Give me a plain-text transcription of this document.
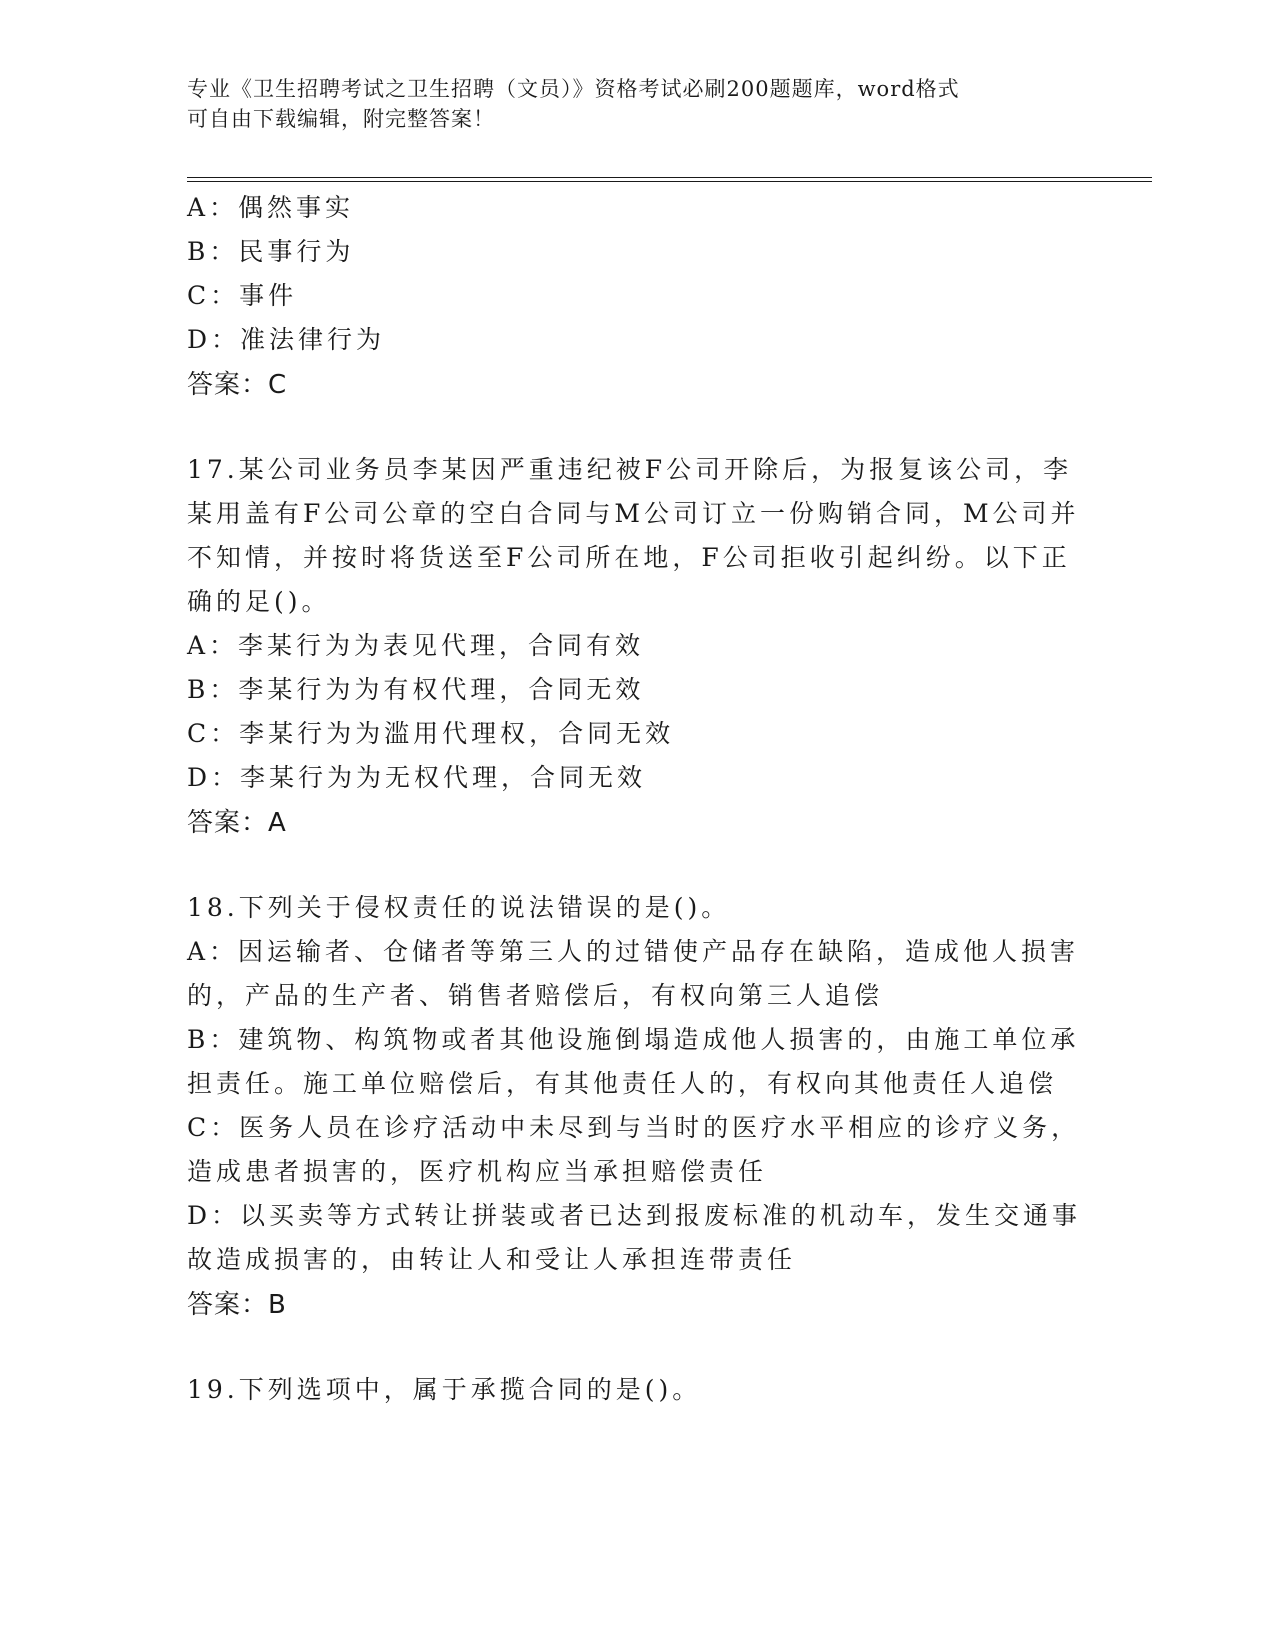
专业《卫生招聘考试之卫生招聘（文员）》资格考试必刷200题题库，word格式
可自由下载编辑，附完整答案！
A：偶然事实
B：民事行为
C：事件
D：准法律行为
答案：C
17.某公司业务员李某因严重违纪被F公司开除后，为报复该公司，李
某用盖有F公司公章的空白合同与M公司订立一份购销合同，M公司并
不知情，并按时将货送至F公司所在地，F公司拒收引起纠纷。以下正
确的足()。
A：李某行为为表见代理，合同有效
B：李某行为为有权代理，合同无效
C：李某行为为滥用代理权，合同无效
D：李某行为为无权代理，合同无效
答案：A
18.下列关于侵权责任的说法错误的是()。
A：因运输者、仓储者等第三人的过错使产品存在缺陷，造成他人损害
的，产品的生产者、销售者赔偿后，有权向第三人追偿
B：建筑物、构筑物或者其他设施倒塌造成他人损害的，由施工单位承
担责任。施工单位赔偿后，有其他责任人的，有权向其他责任人追偿
C：医务人员在诊疗活动中未尽到与当时的医疗水平相应的诊疗义务，
造成患者损害的，医疗机构应当承担赔偿责任
D：以买卖等方式转让拼装或者已达到报废标准的机动车，发生交通事
故造成损害的，由转让人和受让人承担连带责任
答案：B
19.下列选项中，属于承揽合同的是()。
